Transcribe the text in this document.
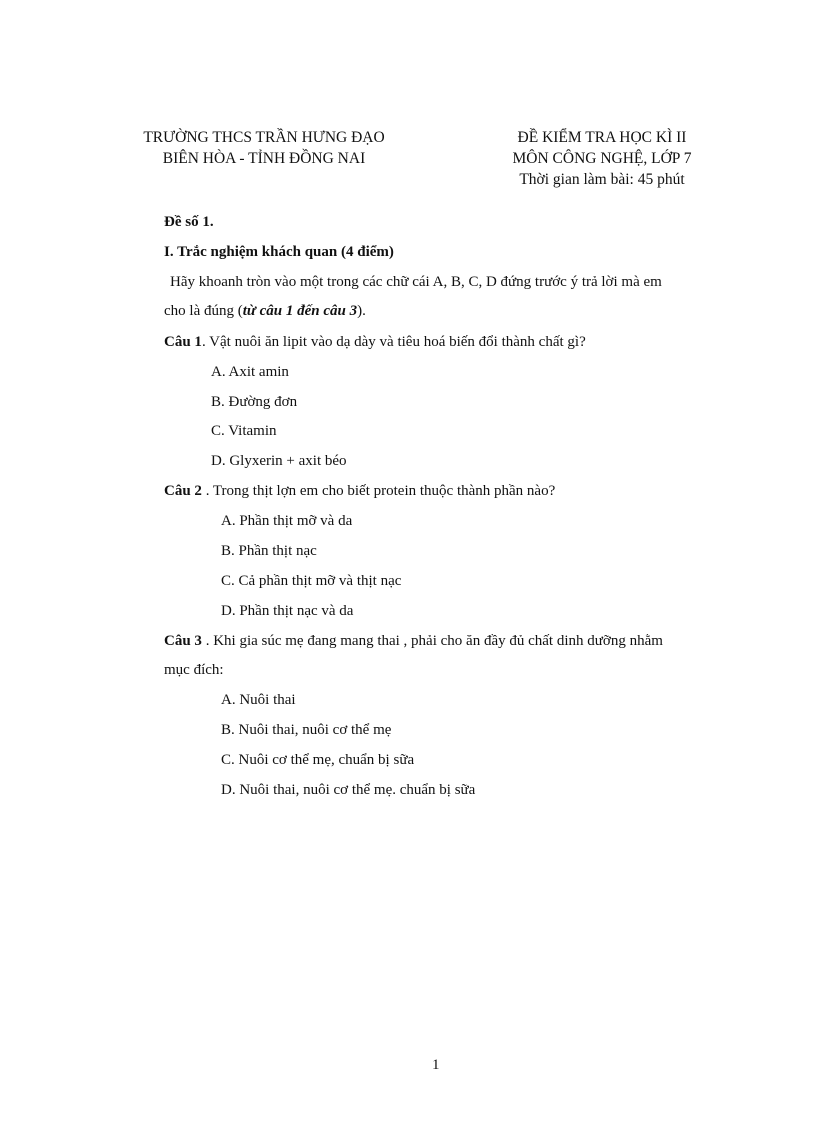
TRƯỜNG THCS TRẦN HƯNG ĐẠO
BIÊN HÒA - TỈNH ĐỒNG NAI
ĐỀ KIỂM TRA HỌC KÌ II
MÔN CÔNG NGHỆ, LỚP 7
Thời gian làm bài: 45 phút
Đề số 1.
I. Trắc nghiệm khách quan (4 điểm)
Hãy khoanh tròn vào một trong các chữ cái A, B, C, D đứng trước ý trả lời mà em
cho là đúng (từ câu 1 đến câu 3).
Câu 1. Vật nuôi ăn lipit vào dạ dày và tiêu hoá biến đổi thành chất gì?
A. Axit amin
B. Đường đơn
C. Vitamin
D. Glyxerin + axit béo
Câu 2 . Trong thịt lợn em cho biết protein thuộc thành phần nào?
A. Phần thịt mỡ và da
B. Phần thịt nạc
C. Cả phần thịt mỡ và thịt nạc
D. Phần thịt nạc và da
Câu 3 . Khi gia súc mẹ đang mang thai , phải cho ăn đầy đủ chất dinh dưỡng nhằm
mục đích:
A. Nuôi thai
B. Nuôi thai, nuôi cơ thể mẹ
C. Nuôi cơ thể mẹ, chuẩn bị sữa
D. Nuôi thai, nuôi cơ thể mẹ. chuẩn bị sữa
1
